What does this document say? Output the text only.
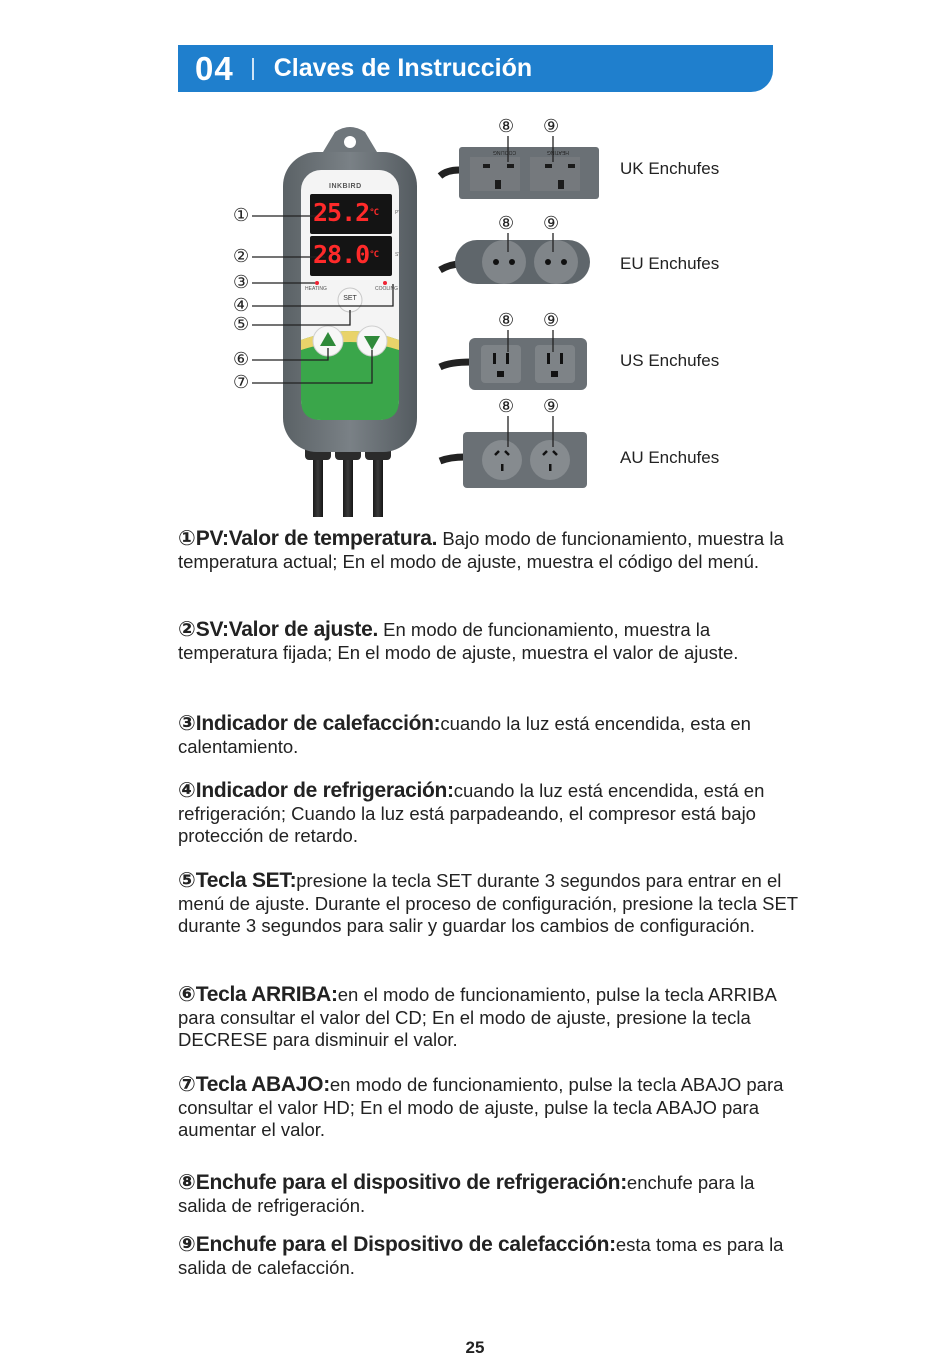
04 Claves de Instrucción
INKBIRD
$25.2^{^\circ C}$	PV
$28.0^{^\circ C}$	SV
HEATING	COOLING
SET
①
②
③
④
⑤
⑥
⑦
COOLING	HEATING
⑧ ⑨
⑧ ⑨
⑧ ⑨
⑧ ⑨
UK Enchufes
EU Enchufes
US Enchufes
AU Enchufes
①PV:Valor de temperatura. Bajo modo de funcionamiento, muestra la temperatura actual; En el modo de ajuste, muestra el código del menú.
②SV:Valor de ajuste. En modo de funcionamiento, muestra la temperatura fijada; En el modo de ajuste, muestra el valor de ajuste.
③Indicador de calefacción:cuando la luz está encendida, esta en calentamiento.
④Indicador de refrigeración:cuando la luz está encendida, está en refrigeración; Cuando la luz está parpadeando, el compresor está bajo protección de retardo.
⑤Tecla SET:presione la tecla SET durante 3 segundos para entrar en el menú de ajuste. Durante el proceso de configuración, presione la tecla SET durante 3 segundos para salir y guardar los cambios de configuración.
⑥Tecla ARRIBA:en el modo de funcionamiento, pulse la tecla ARRIBA para consultar el valor del CD; En el modo de ajuste, presione la tecla DECRESE para disminuir el valor.
⑦Tecla ABAJO:en modo de funcionamiento, pulse la tecla ABAJO para consultar el valor HD; En el modo de ajuste, pulse la tecla ABAJO para aumentar el valor.
⑧Enchufe para el dispositivo de refrigeración:enchufe para la salida de refrigeración.
⑨Enchufe para el Dispositivo de calefacción:esta toma es para la salida de calefacción.
25
